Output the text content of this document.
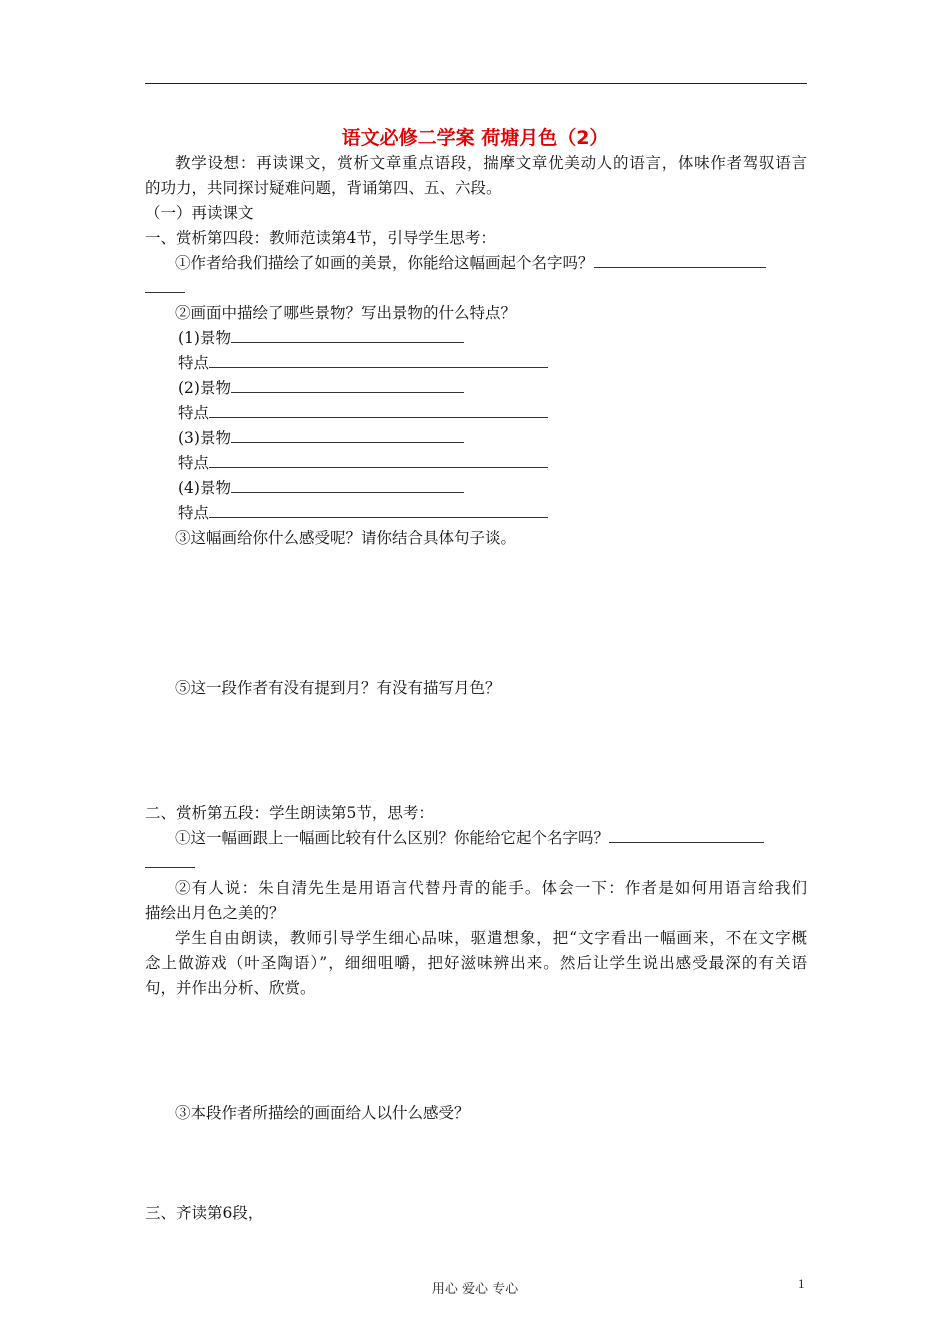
语文必修二学案 荷塘月色（2）
教学设想：再读课文，赏析文章重点语段，揣摩文章优美动人的语言，体味作者驾驭语言
的功力，共同探讨疑难问题，背诵第四、五、六段。
（一）再读课文
一、赏析第四段：教师范读第4节，引导学生思考：
①作者给我们描绘了如画的美景，你能给这幅画起个名字吗？
②画面中描绘了哪些景物？写出景物的什么特点？
(1)景物
特点
(2)景物
特点
(3)景物
特点
(4)景物
特点
③这幅画给你什么感受呢？请你结合具体句子谈。
⑤这一段作者有没有提到月？有没有描写月色？
二、赏析第五段：学生朗读第5节，思考：
①这一幅画跟上一幅画比较有什么区别？你能给它起个名字吗？
②有人说：朱自清先生是用语言代替丹青的能手。体会一下：作者是如何用语言给我们
描绘出月色之美的？
学生自由朗读，教师引导学生细心品味，驱遣想象，把“文字看出一幅画来，不在文字概
念上做游戏（叶圣陶语）”，细细咀嚼，把好滋味辨出来。然后让学生说出感受最深的有关语
句，并作出分析、欣赏。
③本段作者所描绘的画面给人以什么感受？
三、齐读第6段，
用心 爱心 专心	1
